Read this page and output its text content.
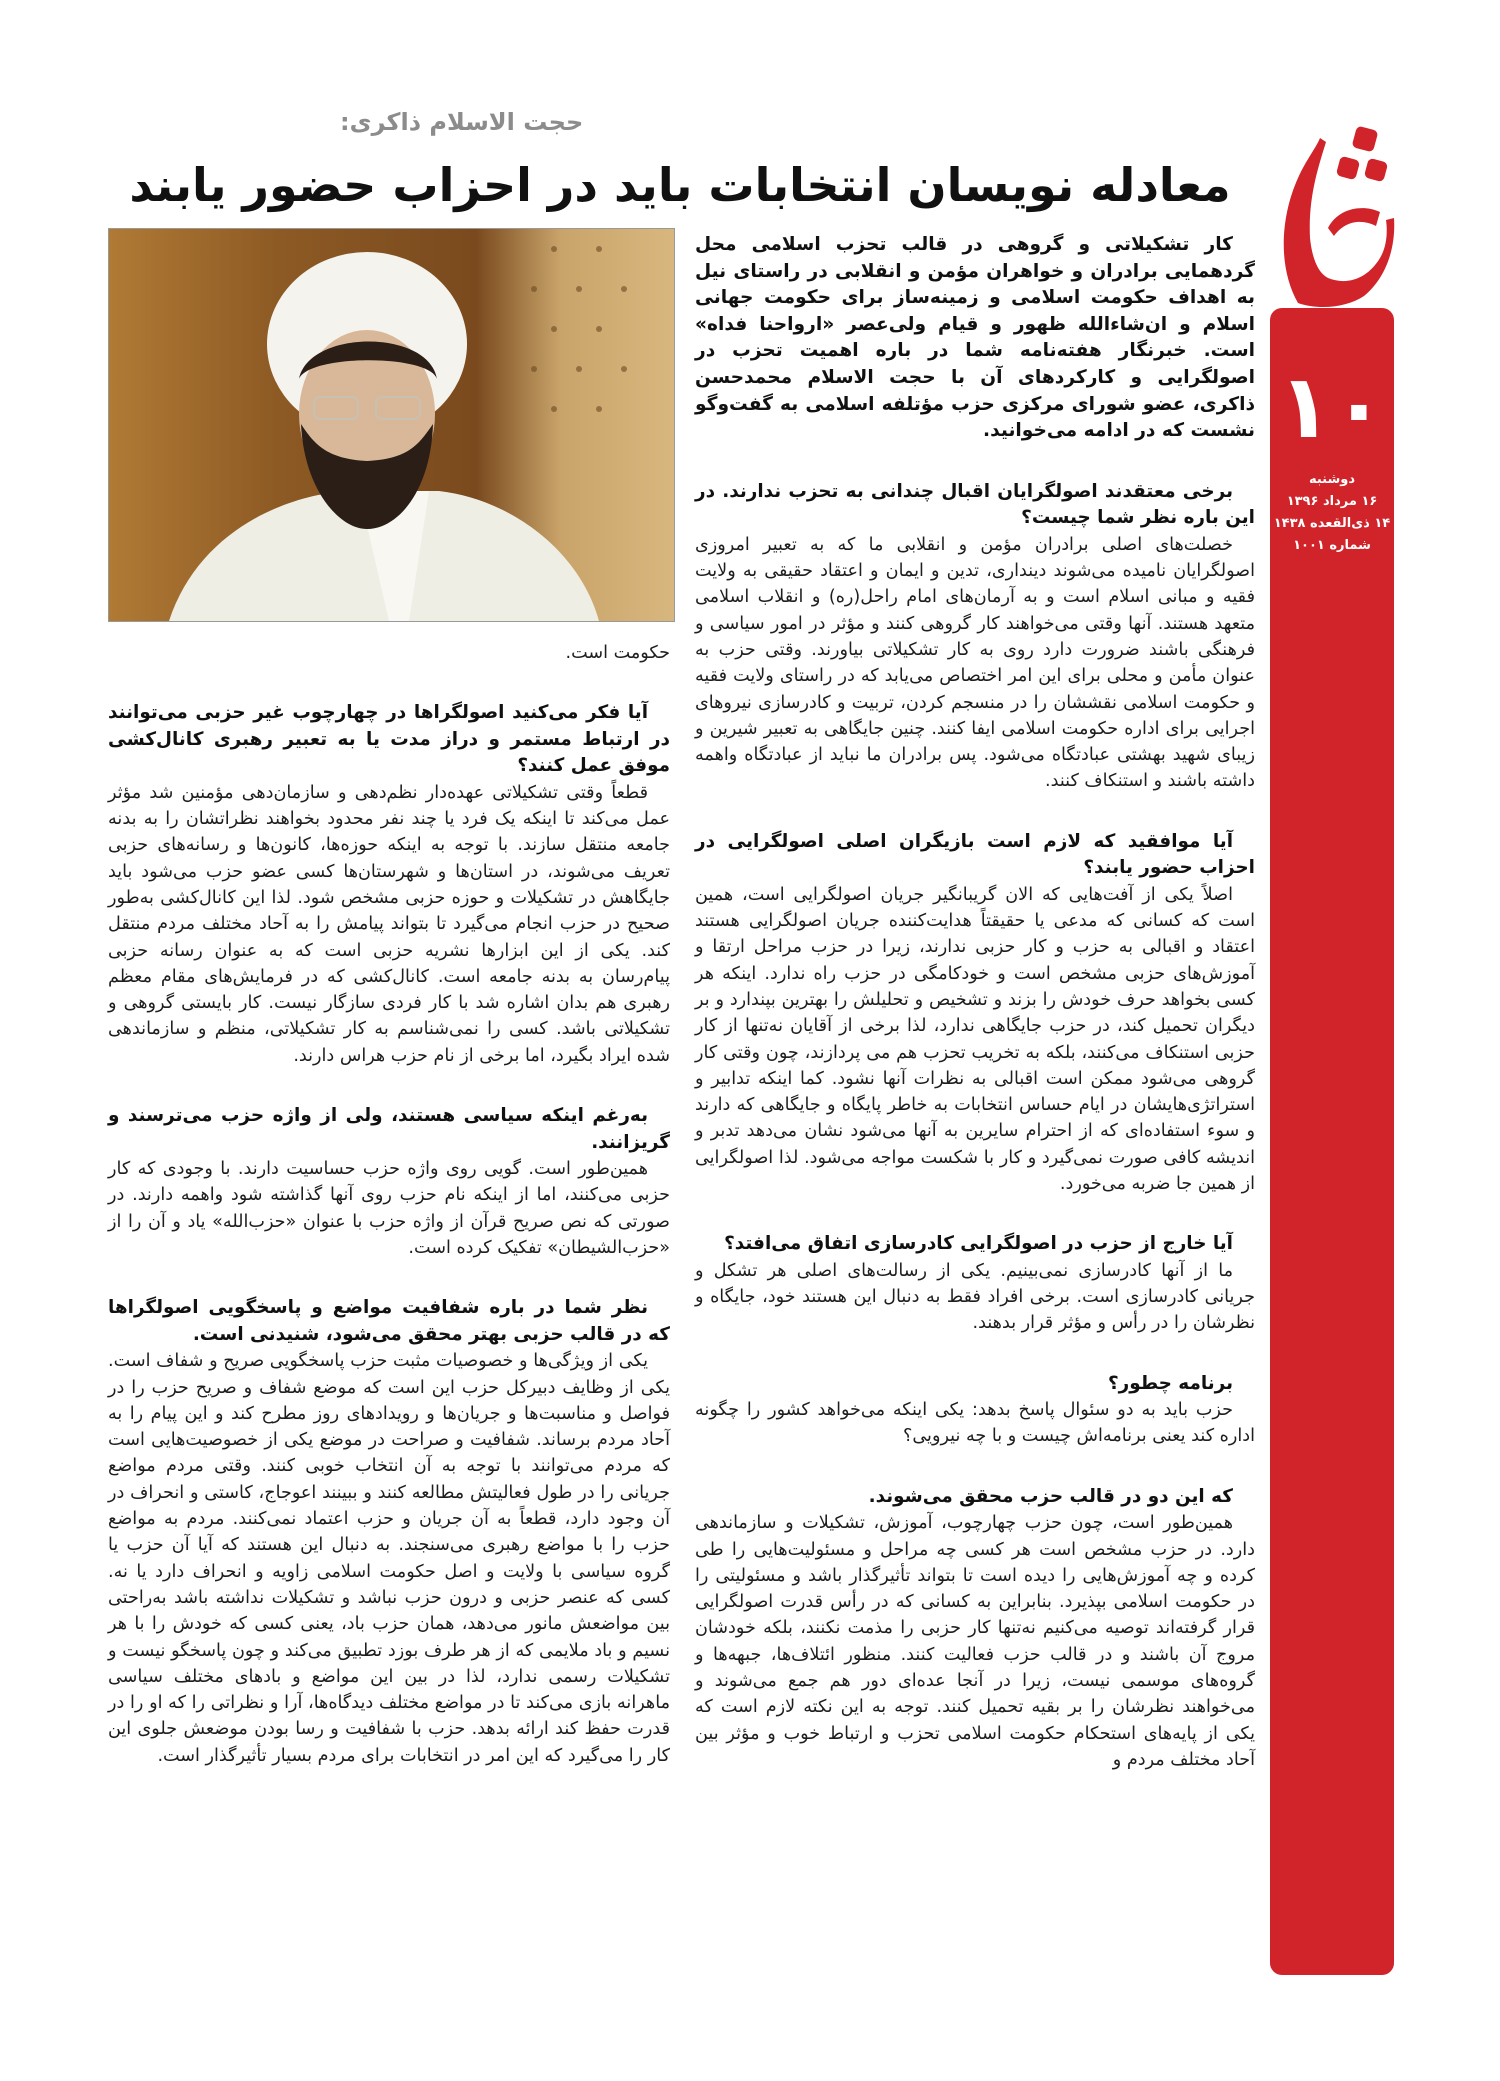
۱۰
دوشنبه
۱۶ مرداد ۱۳۹۶
۱۴ ذی‌القعده ۱۴۳۸
شماره ۱۰۰۱
حجت الاسلام ذاکری:
معادله نویسان انتخابات باید در احزاب حضور یابند

کار تشکیلاتی و گروهی در قالب تحزب اسلامی محل گردهمایی برادران و خواهران مؤمن و انقلابی در راستای نیل به اهداف حکومت اسلامی و زمینه‌ساز برای حکومت جهانی اسلام و ان‌شاءالله ظهور و قیام ولی‌عصر «ارواحنا فداه» است. خبرنگار هفته‌نامه شما در باره اهمیت تحزب در اصولگرایی و کارکردهای آن با حجت الاسلام محمدحسن ذاکری، عضو شورای مرکزی حزب مؤتلفه اسلامی به گفت‌وگو نشست که در ادامه می‌خوانید.

برخی معتقدند اصولگرایان اقبال چندانی به تحزب ندارند. در این باره نظر شما چیست؟

خصلت‌های اصلی برادران مؤمن و انقلابی ما که به تعبیر امروزی اصولگرایان نامیده می‌شوند دینداری، تدین و ایمان و اعتقاد حقیقی به ولایت فقیه و مبانی اسلام است و به آرمان‌های امام راحل(ره) و انقلاب اسلامی متعهد هستند. آنها وقتی می‌خواهند کار گروهی کنند و مؤثر در امور سیاسی و فرهنگی باشند ضرورت دارد روی به کار تشکیلاتی بیاورند. وقتی حزب به عنوان مأمن و محلی برای این امر اختصاص می‌یابد که در راستای ولایت فقیه و حکومت اسلامی نقششان را در منسجم کردن، تربیت و کادرسازی نیروهای اجرایی برای اداره حکومت اسلامی ایفا کنند. چنین جایگاهی به تعبیر شیرین و زیبای شهید بهشتی عبادتگاه می‌شود. پس برادران ما نباید از عبادتگاه واهمه داشته باشند و استنکاف کنند.

آیا موافقید که لازم است بازیگران اصلی اصولگرایی در احزاب حضور یابند؟

اصلاً یکی از آفت‌هایی که الان گریبانگیر جریان اصولگرایی است، همین است که کسانی که مدعی یا حقیقتاً هدایت‌کننده جریان اصولگرایی هستند اعتقاد و اقبالی به حزب و کار حزبی ندارند، زیرا در حزب مراحل ارتقا و آموزش‌های حزبی مشخص است و خودکامگی در حزب راه ندارد. اینکه هر کسی بخواهد حرف خودش را بزند و تشخیص و تحلیلش را بهترین بپندارد و بر دیگران تحمیل کند، در حزب جایگاهی ندارد، لذا برخی از آقایان نه‌تنها از کار حزبی استنکاف می‌کنند، بلکه به تخریب تحزب هم می پردازند، چون وقتی کار گروهی می‌شود ممکن است اقبالی به نظرات آنها نشود. کما اینکه تدابیر و استراتژی‌هایشان در ایام حساس انتخابات به خاطر پایگاه و جایگاهی که دارند و سوء استفاده‌ای که از احترام سایرین به آنها می‌شود نشان می‌دهد تدبر و اندیشه کافی صورت نمی‌گیرد و کار با شکست مواجه می‌شود. لذا اصولگرایی از همین جا ضربه می‌خورد.

آیا خارج از حزب در اصولگرایی کادرسازی اتفاق می‌افتد؟

ما از آنها کادرسازی نمی‌بینیم. یکی از رسالت‌های اصلی هر تشکل و جریانی کادرسازی است. برخی افراد فقط به دنبال این هستند خود، جایگاه و نظرشان را در رأس و مؤثر قرار بدهند.

برنامه چطور؟

حزب باید به دو سئوال پاسخ بدهد: یکی اینکه می‌خواهد کشور را چگونه اداره کند یعنی برنامه‌اش چیست و با چه نیرویی؟

که این دو در قالب حزب محقق می‌شوند.

همین‌طور است، چون حزب چهارچوب، آموزش، تشکیلات و سازماندهی دارد. در حزب مشخص است هر کسی چه مراحل و مسئولیت‌هایی را طی کرده و چه آموزش‌هایی را دیده است تا بتواند تأثیرگذار باشد و مسئولیتی را در حکومت اسلامی بپذیرد. بنابراین به کسانی که در رأس قدرت اصولگرایی قرار گرفته‌اند توصیه می‌کنیم نه‌تنها کار حزبی را مذمت نکنند، بلکه خودشان مروج آن باشند و در قالب حزب فعالیت کنند. منظور ائتلاف‌ها، جبهه‌ها و گروه‌های موسمی نیست، زیرا در آنجا عده‌ای دور هم جمع می‌شوند و می‌خواهند نظرشان را بر بقیه تحمیل کنند. توجه به این نکته لازم است که یکی از پایه‌های استحکام حکومت اسلامی تحزب و ارتباط خوب و مؤثر بین آحاد مختلف مردم و

حکومت است.

آیا فکر می‌کنید اصولگراها در چهارچوب غیر حزبی می‌توانند در ارتباط مستمر و دراز مدت یا به تعبیر رهبری کانال‌کشی موفق عمل کنند؟

قطعاً وقتی تشکیلاتی عهده‌دار نظم‌دهی و سازمان‌دهی مؤمنین شد مؤثر عمل می‌کند تا اینکه یک فرد یا چند نفر محدود بخواهند نظراتشان را به بدنه جامعه منتقل سازند. با توجه به اینکه حوزه‌ها، کانون‌ها و رسانه‌های حزبی تعریف می‌شوند، در استان‌ها و شهرستان‌ها کسی عضو حزب می‌شود باید جایگاهش در تشکیلات و حوزه حزبی مشخص شود. لذا این کانال‌کشی به‌طور صحیح در حزب انجام می‌گیرد تا بتواند پیامش را به آحاد مختلف مردم منتقل کند. یکی از این ابزارها نشریه حزبی است که به عنوان رسانه حزبی پیام‌رسان به بدنه جامعه است. کانال‌کشی که در فرمایش‌های مقام معظم رهبری هم بدان اشاره شد با کار فردی سازگار نیست. کار بایستی گروهی و تشکیلاتی باشد. کسی را نمی‌شناسم به کار تشکیلاتی، منظم و سازماندهی شده ایراد بگیرد، اما برخی از نام حزب هراس دارند.

به‌رغم اینکه سیاسی هستند، ولی از واژه حزب می‌ترسند و گریزانند.

همین‌طور است. گویی روی واژه حزب حساسیت دارند. با وجودی که کار حزبی می‌کنند، اما از اینکه نام حزب روی آنها گذاشته شود واهمه دارند. در صورتی که نص صریح قرآن از واژه حزب با عنوان «حزب‌الله» یاد و آن را از «حزب‌الشیطان» تفکیک کرده است.

نظر شما در باره شفافیت مواضع و پاسخگویی اصولگراها که در قالب حزبی بهتر محقق می‌شود، شنیدنی است.

یکی از ویژگی‌ها و خصوصیات مثبت حزب پاسخگویی صریح و شفاف است. یکی از وظایف دبیرکل حزب این است که موضع شفاف و صریح حزب را در فواصل و مناسبت‌ها و جریان‌ها و رویدادهای روز مطرح کند و این پیام را به آحاد مردم برساند. شفافیت و صراحت در موضع یکی از خصوصیت‌هایی است که مردم می‌توانند با توجه به آن انتخاب خوبی کنند. وقتی مردم مواضع جریانی را در طول فعالیتش مطالعه کنند و ببینند اعوجاج، کاستی و انحراف در آن وجود دارد، قطعاً به آن جریان و حزب اعتماد نمی‌کنند. مردم به مواضع حزب را با مواضع رهبری می‌سنجند. به دنبال این هستند که آیا آن حزب یا گروه سیاسی با ولایت و اصل حکومت اسلامی زاویه و انحراف دارد یا نه. کسی که عنصر حزبی و درون حزب نباشد و تشکیلات نداشته باشد به‌راحتی بین مواضعش مانور می‌دهد، همان حزب باد، یعنی کسی که خودش را با هر نسیم و باد ملایمی که از هر طرف بوزد تطبیق می‌کند و چون پاسخگو نیست و تشکیلات رسمی ندارد، لذا در بین این مواضع و بادهای مختلف سیاسی ماهرانه بازی می‌کند تا در مواضع مختلف دیدگاه‌ها، آرا و نظراتی را که او را در قدرت حفظ کند ارائه بدهد. حزب با شفافیت و رسا بودن موضعش جلوی این کار را می‌گیرد که این امر در انتخابات برای مردم بسیار تأثیرگذار است.
